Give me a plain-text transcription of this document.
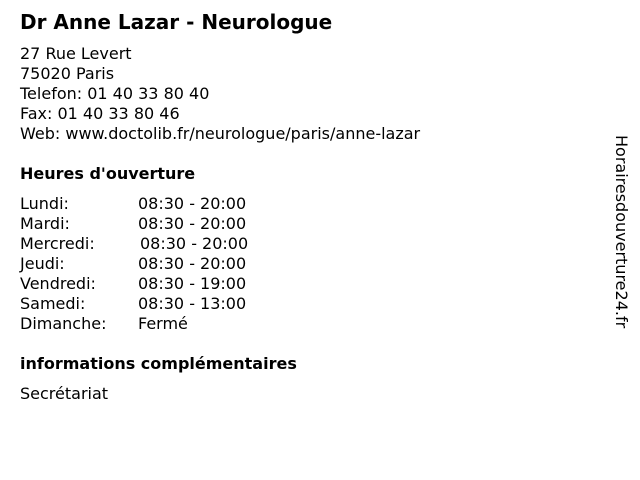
Dr Anne Lazar - Neurologue
27 Rue Levert
75020 Paris
Telefon: 01 40 33 80 40
Fax: 01 40 33 80 46
Web: www.doctolib.fr/neurologue/paris/anne-lazar
Heures d'ouverture
Lundi:	08:30 - 20:00
Mardi:	08:30 - 20:00
Mercredi:	08:30 - 20:00
Jeudi:	08:30 - 20:00
Vendredi:	08:30 - 19:00
Samedi:	08:30 - 13:00
Dimanche: Fermé
informations complémentaires
Secrétariat
Horairesdouverture24.fr
